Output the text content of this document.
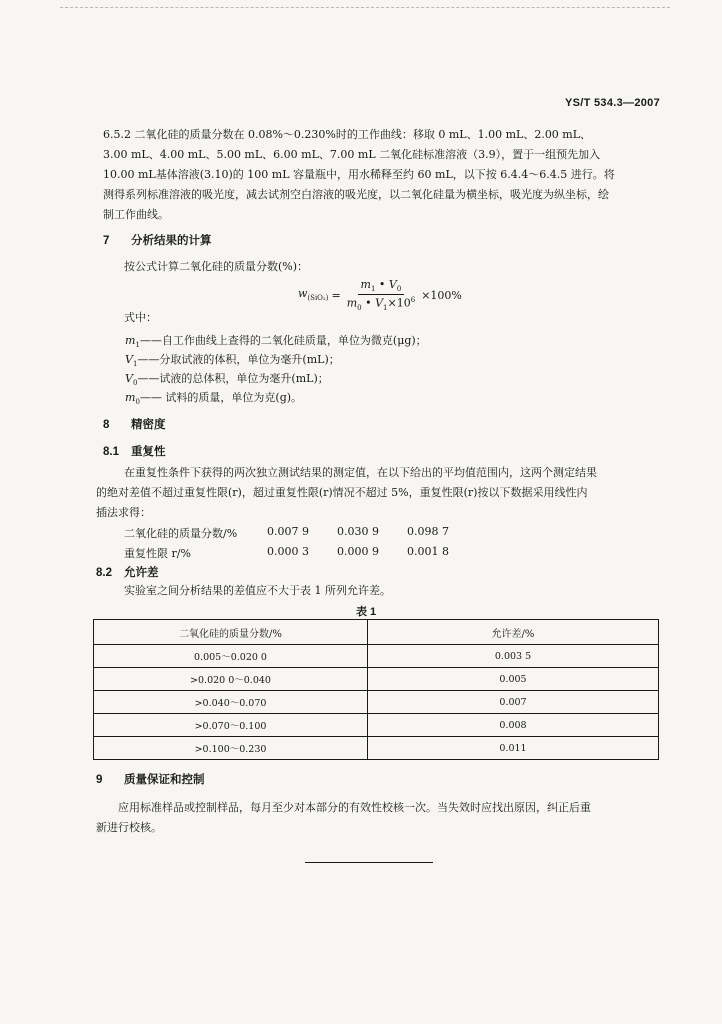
YS/T 534.3—2007
6.5.2 二氧化硅的质量分数在 0.08%～0.230%时的工作曲线：移取 0 mL、1.00 mL、2.00 mL、
3.00 mL、4.00 mL、5.00 mL、6.00 mL、7.00 mL 二氧化硅标准溶液（3.9），置于一组预先加入
10.00 mL基体溶液(3.10)的 100 mL 容量瓶中，用水稀释至约 60 mL，以下按 6.4.4～6.4.5 进行。将
测得系列标准溶液的吸光度，减去试剂空白溶液的吸光度，以二氧化硅量为横坐标，吸光度为纵坐标，绘
制工作曲线。
7 分析结果的计算
按公式计算二氧化硅的质量分数(%)：
$w_{(SiO_2)} = \frac{m_1 • V_0}{m_0 • V_1\times 10^6} \times 100\%$
式中：
$m_1——$自工作曲线上查得的二氧化硅质量，单位为微克(μg)；
$V_1——$分取试液的体积，单位为毫升(mL)；
$V_0——$试液的总体积，单位为毫升(mL)；
$m_0——$ 试料的质量，单位为克(g)。
8 精密度
8.1 重复性
在重复性条件下获得的两次独立测试结果的测定值，在以下给出的平均值范围内，这两个测定结果
的绝对差值不超过重复性限(r)，超过重复性限(r)情况不超过 5%，重复性限(r)按以下数据采用线性内
插法求得：
二氧化硅的质量分数/%	0.007 9	0.030 9	0.098 7
重复性限 r/%	0.000 3	0.000 9	0.001 8
8.2 允许差
实验室之间分析结果的差值应不大于表 1 所列允许差。
表 1
二氧化硅的质量分数/%	允许差/%
0.005～0.020 0	0.003 5
>0.020 0～0.040	0.005
>0.040～0.070	0.007
>0.070～0.100	0.008
>0.100～0.230	0.011
9 质量保证和控制
应用标准样品或控制样品，每月至少对本部分的有效性校核一次。当失效时应找出原因，纠正后重
新进行校核。
